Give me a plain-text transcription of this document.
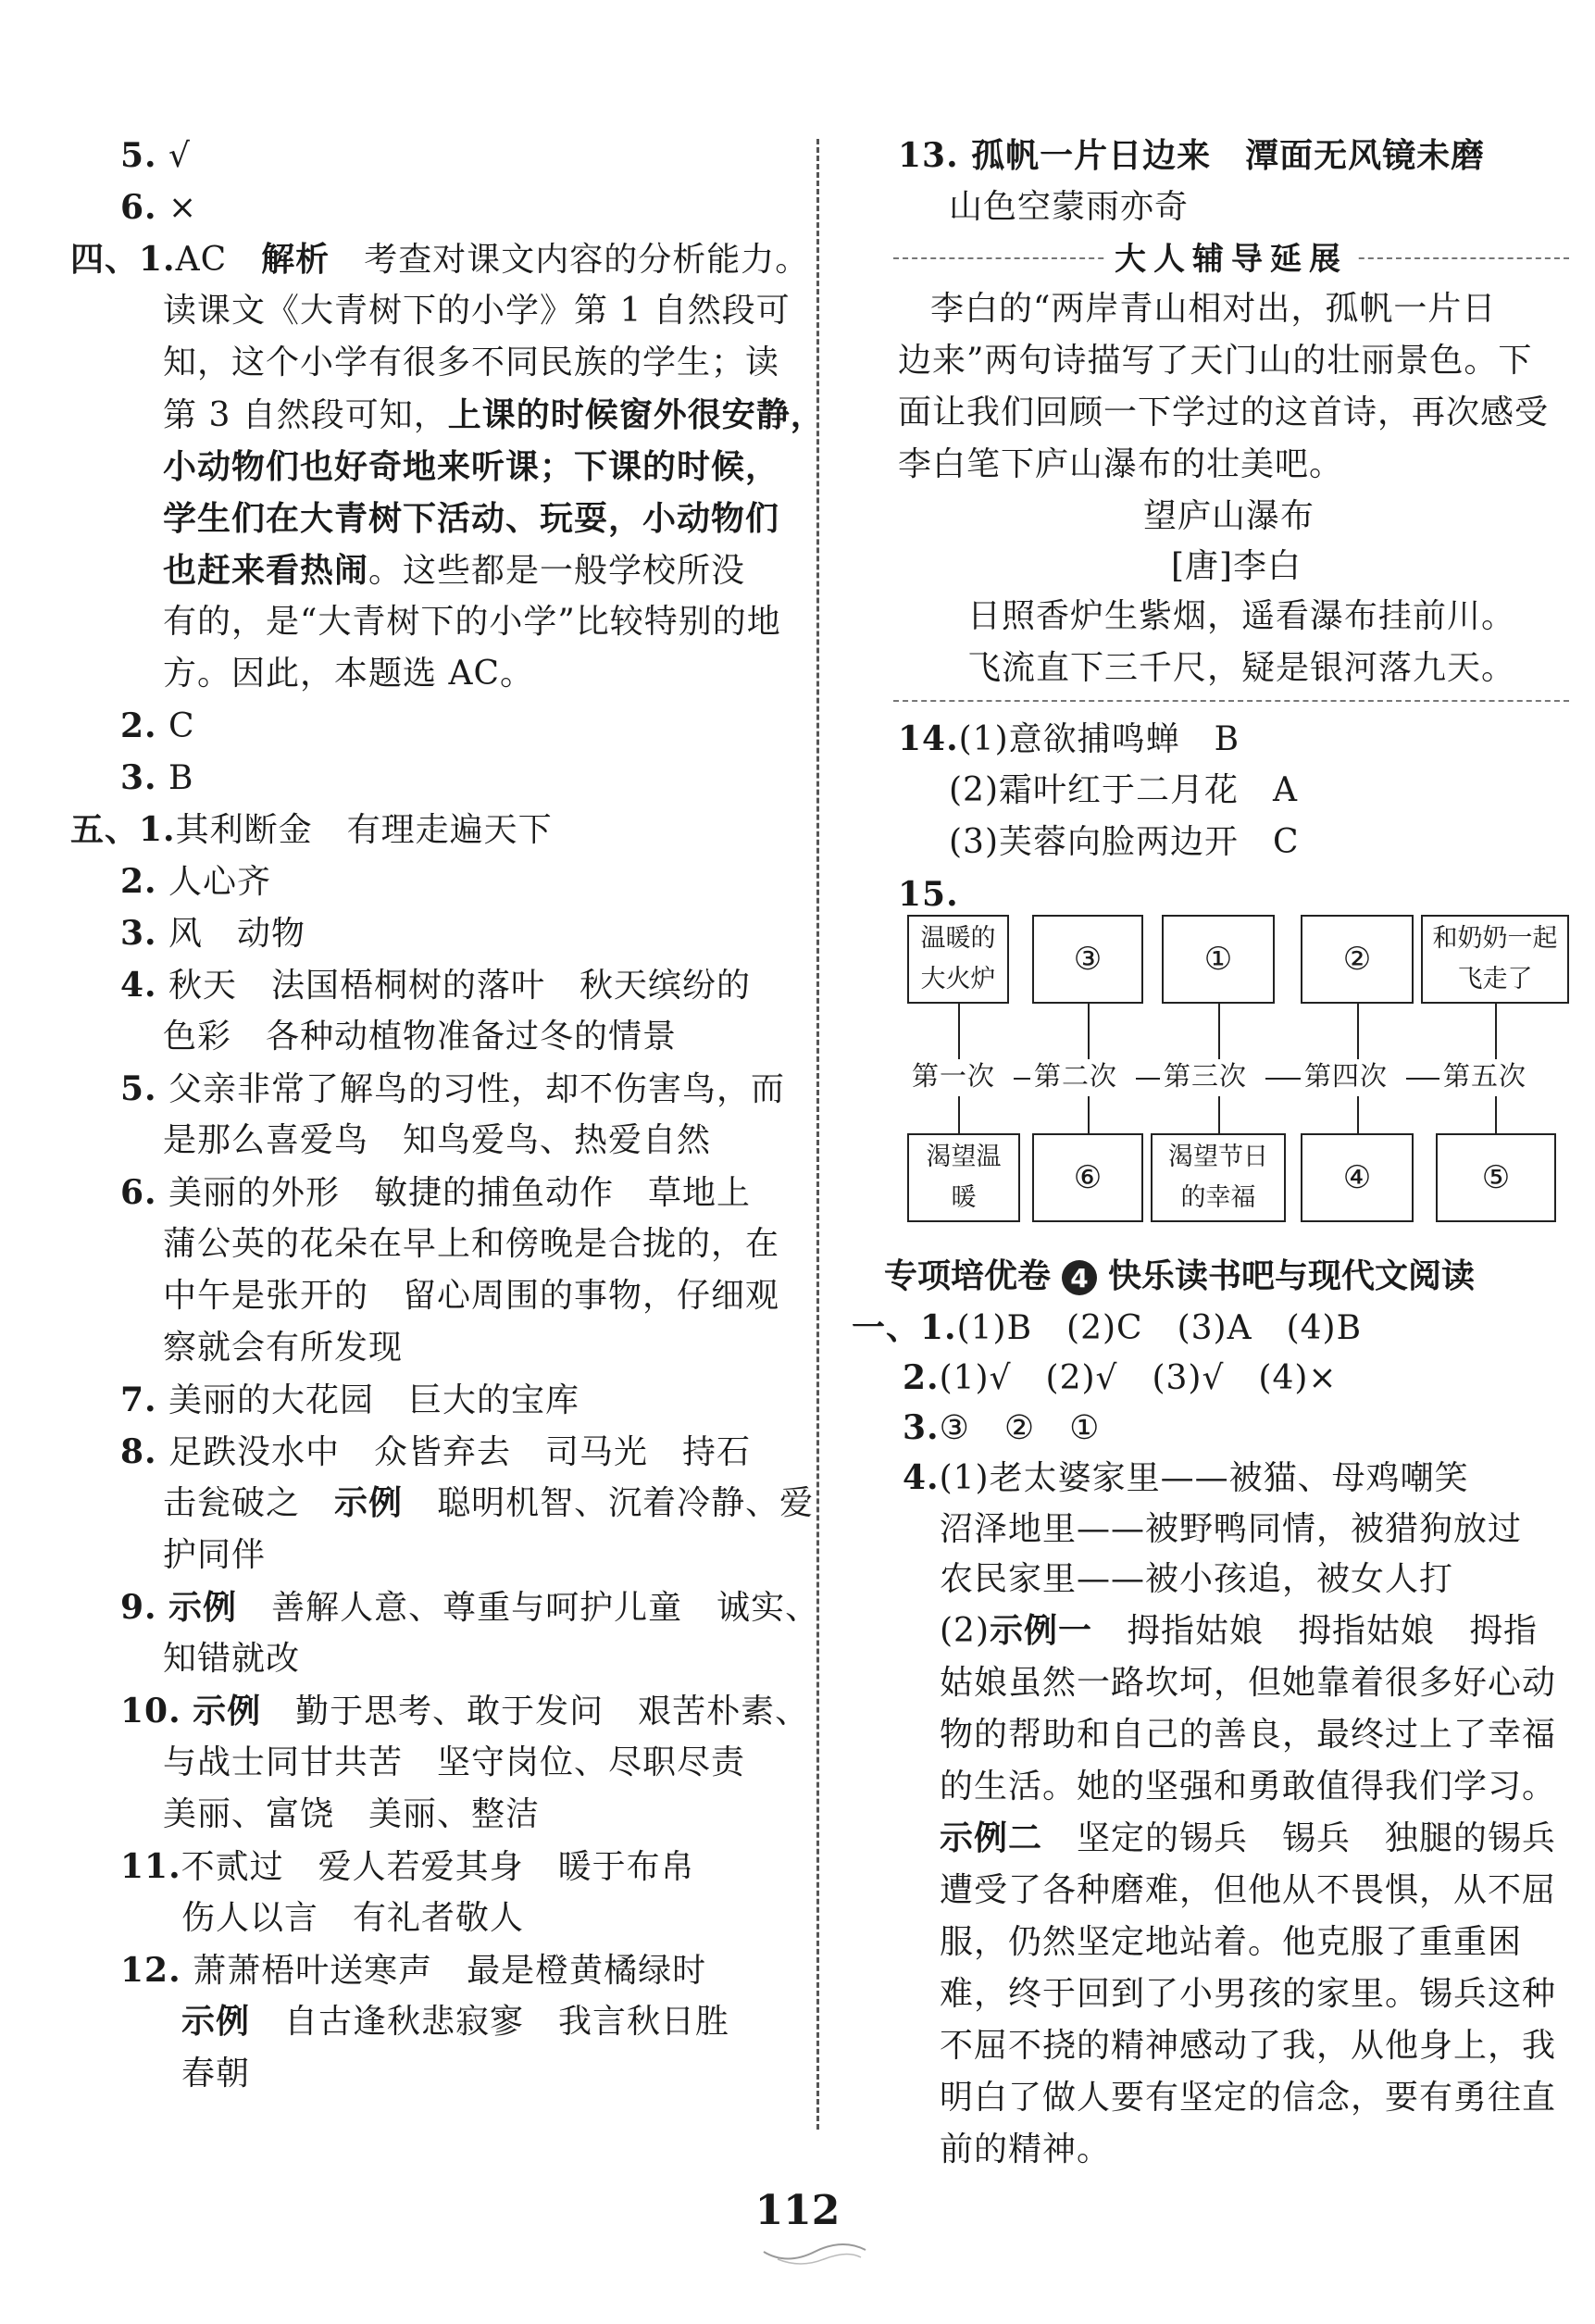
5. √
6. ×
四、1.AC　 解析　 考查对课文内容的分析能力。
读课文《大青树下的小学》第 1 自然段可
知，这个小学有很多不同民族的学生；读
第 3 自然段可知，上课的时候窗外很安静，
小动物们也好奇地来听课；下课的时候，
学生们在大青树下活动、玩耍，小动物们
也赶来看热闹。这些都是一般学校所没
有的，是“大青树下的小学”比较特别的地
方。因此，本题选 AC。
2. C
3. B
五、1.其利断金　有理走遍天下
2. 人心齐
3. 风　动物
4. 秋天　法国梧桐树的落叶　秋天缤纷的
色彩　各种动植物准备过冬的情景
5. 父亲非常了解鸟的习性，却不伤害鸟，而
是那么喜爱鸟　知鸟爱鸟、热爱自然
6. 美丽的外形　敏捷的捕鱼动作　草地上
蒲公英的花朵在早上和傍晚是合拢的，在
中午是张开的　留心周围的事物，仔细观
察就会有所发现
7. 美丽的大花园　巨大的宝库
8. 足跌没水中　众皆弃去　司马光　持石
击瓮破之　 示例　 聪明机智、沉着冷静、爱
护同伴
9. 示例　 善解人意、尊重与呵护儿童　诚实、
知错就改
10. 示例　 勤于思考、敢于发问　艰苦朴素、
与战士同甘共苦　坚守岗位、尽职尽责
美丽、富饶　美丽、整洁
11.不贰过　爱人若爱其身　暖于布帛
伤人以言　有礼者敬人
12. 萧萧梧叶送寒声　最是橙黄橘绿时
示例　 自古逢秋悲寂寥　我言秋日胜
春朝
13. 孤帆一片日边来　潭面无风镜未磨
山色空蒙雨亦奇
大人辅导延展
李白的“两岸青山相对出，孤帆一片日
边来”两句诗描写了天门山的壮丽景色。下
面让我们回顾一下学过的这首诗，再次感受
李白笔下庐山瀑布的壮美吧。
望庐山瀑布
[唐]李白
日照香炉生紫烟，遥看瀑布挂前川。
飞流直下三千尺，疑是银河落九天。
14.(1)意欲捕鸣蝉　B
(2)霜叶红于二月花　A
(3)芙蓉向脸两边开　C
15.
温暖的大火炉
③	①	②
和奶奶一起飞走了
第一次 第二次 第三次 第四次 第五次
渴望温暖
⑥
渴望节日的幸福
④	⑤
专项培优卷 4 快乐读书吧与现代文阅读
一、1.(1)B　(2)C　(3)A　(4)B
2.(1)√　(2)√　(3)√　(4)×
3.③　②　①
4.(1)老太婆家里——被猫、母鸡嘲笑
沼泽地里——被野鸭同情，被猎狗放过
农民家里——被小孩追，被女人打
(2)示例一　 拇指姑娘　拇指姑娘　拇指
姑娘虽然一路坎坷，但她靠着很多好心动
物的帮助和自己的善良，最终过上了幸福
的生活。她的坚强和勇敢值得我们学习。
示例二　 坚定的锡兵　锡兵　独腿的锡兵
遭受了各种磨难，但他从不畏惧，从不屈
服，仍然坚定地站着。他克服了重重困
难，终于回到了小男孩的家里。锡兵这种
不屈不挠的精神感动了我，从他身上，我
明白了做人要有坚定的信念，要有勇往直
前的精神。
112
